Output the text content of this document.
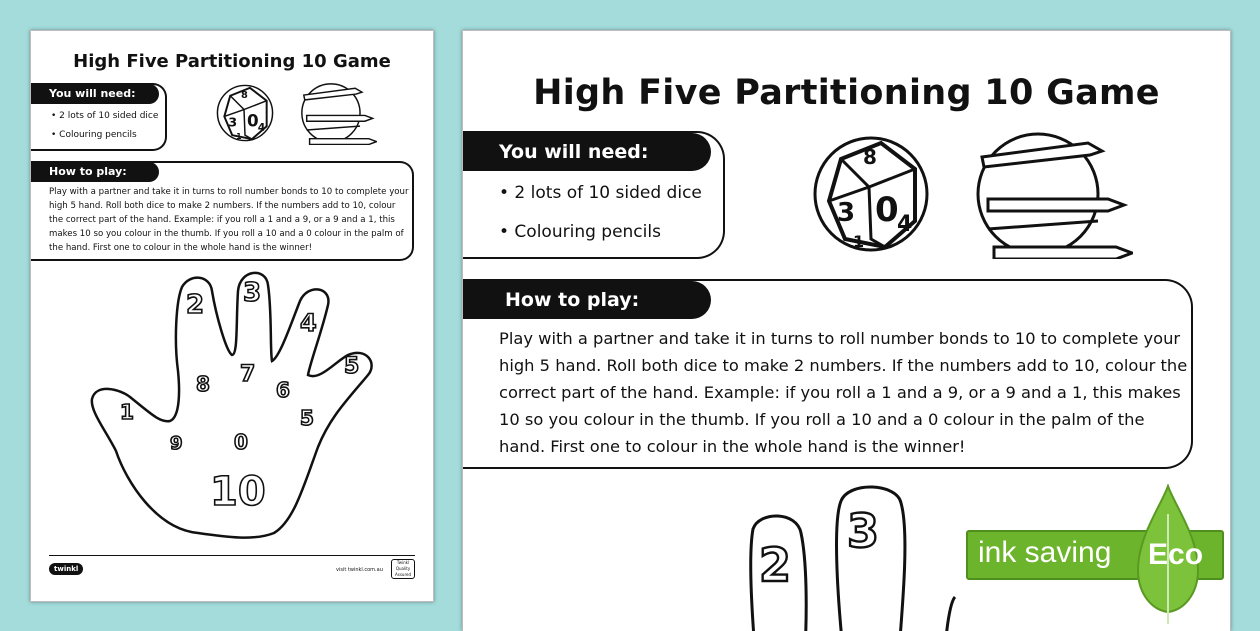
High Five Partitioning 10 Game
You will need:
• 2 lots of 10 sided dice
• Colouring pencils
8
0
3 4
1
How to play:
Play with a partner and take it in turns to roll number bonds to 10 to complete your high 5 hand. Roll both dice to make 2 numbers. If the numbers add to 10, colour the correct part of the hand. Example: if you roll a 1 and a 9, or a 9 and a 1, this makes 10 so you colour in the thumb. If you roll a 10 and a 0 colour in the palm of the hand. First one to colour in the whole hand is the winner!
2 3
4
5
1
8 7
6
5
9	0
10
twinkl	visit twinkl.com.au
Twinkl Quality Assured
High Five Partitioning 10 Game
You will need:
• 2 lots of 10 sided dice
• Colouring pencils
8
0
3 4
1
How to play:
Play with a partner and take it in turns to roll number bonds to 10 to complete your high 5 hand. Roll both dice to make 2 numbers. If the numbers add to 10, colour the correct part of the hand. Example: if you roll a 1 and a 9, or a 9 and a 1, this makes 10 so you colour in the thumb. If you roll a 10 and a 0 colour in the palm of the hand. First one to colour in the whole hand is the winner!
2
3	ink saving Eco
